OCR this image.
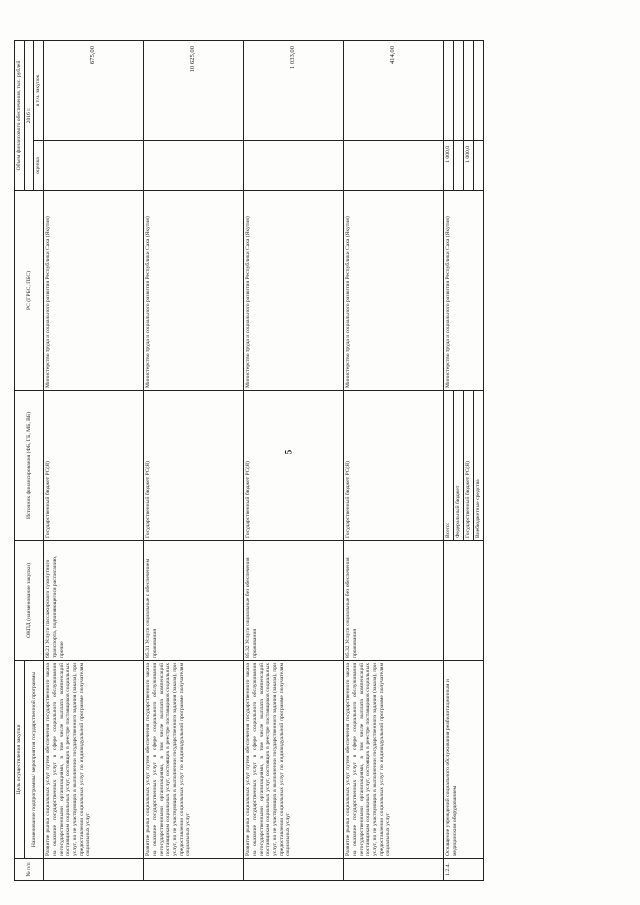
5
№ п/п	Цель осуществления закупки	ОКПД (наименование закупки)	Источник финансирования (ФБ, ГБ, МБ, ВБ)	РС (ГРБС, ПБС)	Объем финансового обеспечения, тыс. рублей	
	Наименование подпрограммы/ мероприятия государственной программы				2016 г.	
					оценка	в т.ч. закупок

	Развитие рынка социальных услуг путем обеспечения государственного заказа на оказание государственных услуг в сфере социального обслуживания негосударственными организациями, в том числе выплата компенсаций поставщикам социальных услуг, состоящих в реестре поставщиков социальных услуг, но не участвующих в выполнении государственного задания (заказа), при предоставлении социальных услуг по индивидуальной программе получателям социальных услуг	60.21 Услуги пассажирского сухопутного транспорта, подчиняющегося расписанию, прочие	Государственный бюджет РС(Я)	Министерство труда и социального развития Республики Саха (Якутия)		675,00
	Развитие рынка социальных услуг путем обеспечения государственного заказа на оказание государственных услуг в сфере социального обслуживания негосударственными организациями, в том числе выплата компенсаций поставщикам социальных услуг, состоящих в реестре поставщиков социальных услуг, но не участвующих в выполнении государственного задания (заказа), при предоставлении социальных услуг по индивидуальной программе получателям социальных услуг	85.31 Услуги социальные с обеспечением проживания	Государственный бюджет РС(Я)	Министерство труда и социального развития Республики Саха (Якутия)		10 625,00
	Развитие рынка социальных услуг путем обеспечения государственного заказа на оказание государственных услуг в сфере социального обслуживания негосударственными организациями, в том числе выплата компенсаций поставщикам социальных услуг, состоящих в реестре поставщиков социальных услуг, но не участвующих в выполнении государственного задания (заказа), при предоставлении социальных услуг по индивидуальной программе получателям социальных услуг	85.32 Услуги социальные без обеспечения проживания	Государственный бюджет РС(Я)	Министерство труда и социального развития Республики Саха (Якутия)		1 033,00
	Развитие рынка социальных услуг путем обеспечения государственного заказа на оказание государственных услуг в сфере социального обслуживания негосударственными организациями, в том числе выплата компенсаций поставщикам социальных услуг, состоящих в реестре поставщиков социальных услуг, но не участвующих в выполнении государственного задания (заказа), при предоставлении социальных услуг по индивидуальной программе получателям социальных услуг	85.32 Услуги социальные без обеспечения проживания	Государственный бюджет РС(Я)	Министерство труда и социального развития Республики Саха (Якутия)		414,00
1.2.4.	Оснащение учреждений социального обслуживания реабилитационным и медицинским оборудованием		Всего:	Министерство труда и социального развития Республики Саха (Якутия)	1 000,0	
			Федеральный бюджет			
			Государственный бюджет РС(Я)		1 000,0	
			Внебюджетные средства			
